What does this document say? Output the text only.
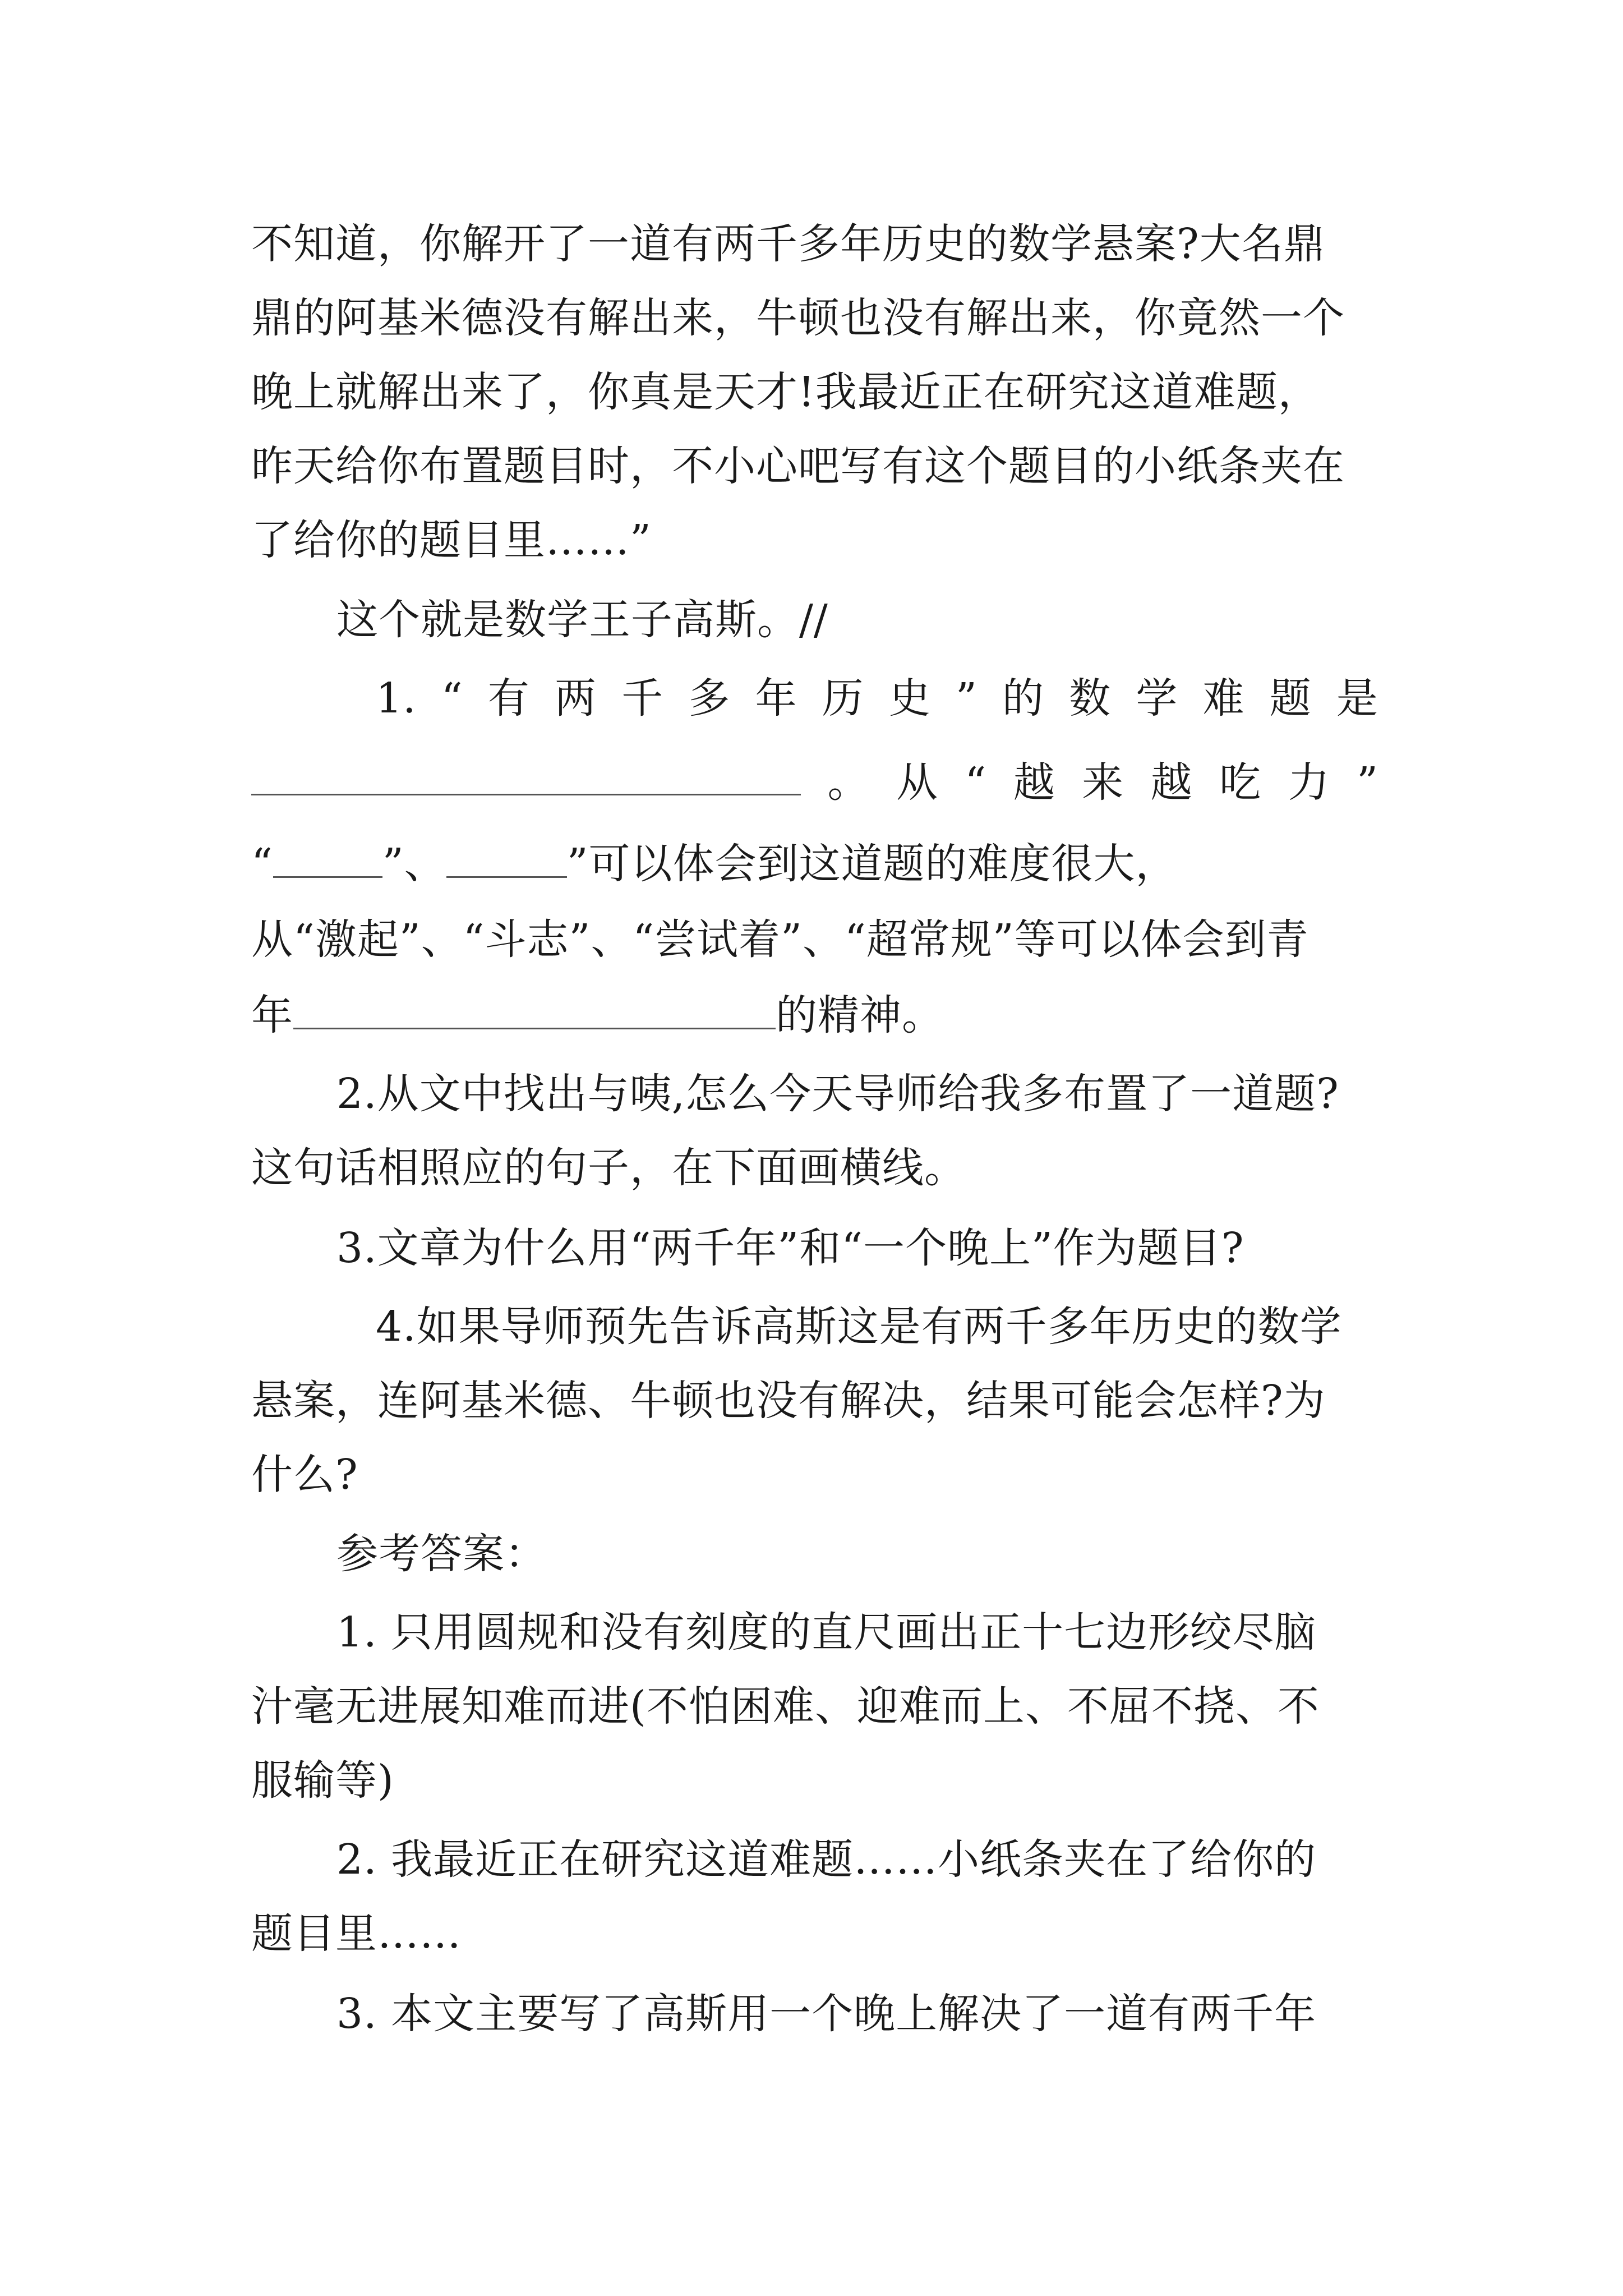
不知道，你解开了一道有两千多年历史的数学悬案?大名鼎
鼎的阿基米德没有解出来，牛顿也没有解出来，你竟然一个
晚上就解出来了，你真是天才!我最近正在研究这道难题，
昨天给你布置题目时，不小心吧写有这个题目的小纸条夹在
了给你的题目里……”
这个就是数学王子高斯。//
1. “ 有 两 千 多 年 历 史 ” 的 数 学 难 题 是
。 从 “ 越 来 越 吃 力 ”
“	”、	”可以体会到这道题的难度很大，
从“激起”、“斗志”、“尝试着”、“超常规”等可以体会到青
年	的精神。
2.从文中找出与咦,怎么今天导师给我多布置了一道题?
这句话相照应的句子，在下面画横线。
3.文章为什么用“两千年”和“一个晚上”作为题目?
4.如果导师预先告诉高斯这是有两千多年历史的数学
悬案，连阿基米德、牛顿也没有解决，结果可能会怎样?为
什么?
参考答案：
1. 只用圆规和没有刻度的直尺画出正十七边形绞尽脑
汁毫无进展知难而进(不怕困难、迎难而上、不屈不挠、不
服输等)
2. 我最近正在研究这道难题……小纸条夹在了给你的
题目里……
3. 本文主要写了高斯用一个晚上解决了一道有两千年
